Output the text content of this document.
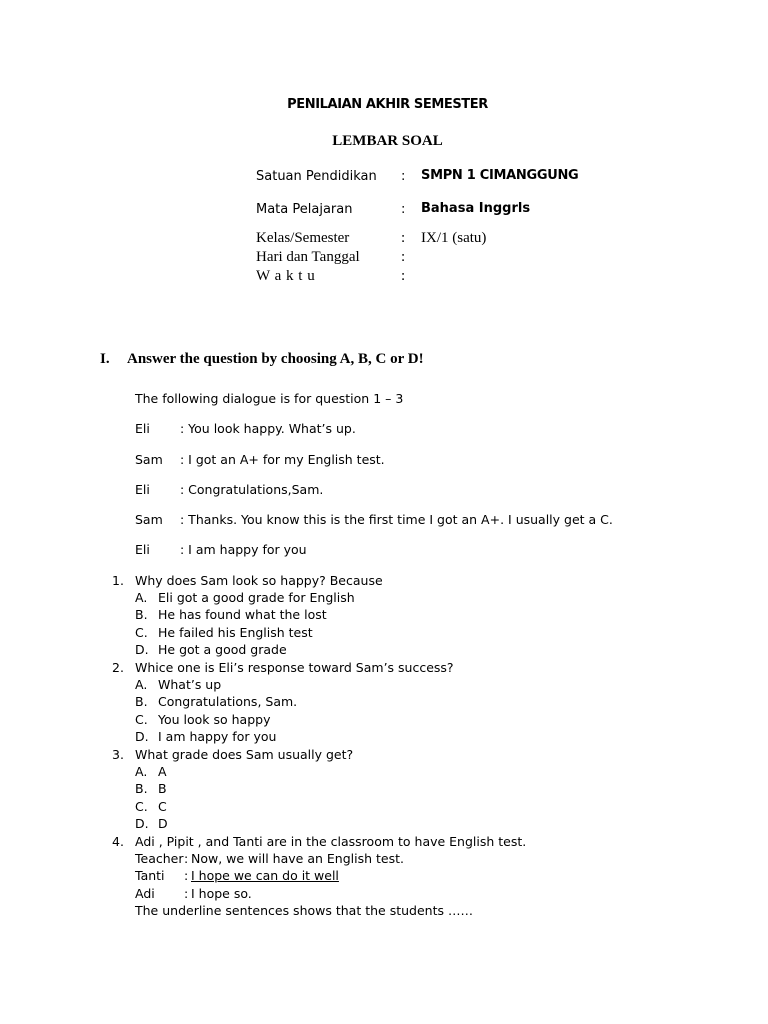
PENILAIAN AKHIR SEMESTER
LEMBAR SOAL
Satuan Pendidikan : SMPN 1 CIMANGGUNG
Mata Pelajaran	: Bahasa Inggrls
Kelas/Semester	: IX/1 (satu)
Hari dan Tanggal	:
W a k t u	:
I. Answer the question by choosing A, B, C or D!
The following dialogue is for question 1 – 3
Eli : You look happy. What’s up.
Sam : I got an A+ for my English test.
Eli : Congratulations,Sam.
Sam : Thanks. You know this is the first time I got an A+. I usually get a C.
Eli : I am happy for you
1. Why does Sam look so happy? Because
A. Eli got a good grade for English
B. He has found what the lost
C. He failed his English test
D. He got a good grade
2. Whice one is Eli’s response toward Sam’s success?
A. What’s up
B. Congratulations, Sam.
C. You look so happy
D. I am happy for you
3. What grade does Sam usually get?
A. A
B. B
C. C
D. D
4. Adi , Pipit , and Tanti are in the classroom to have English test.
Teacher : Now, we will have an English test.
Tanti : I hope we can do it well
Adi : I hope so.
The underline sentences shows that the students ……
